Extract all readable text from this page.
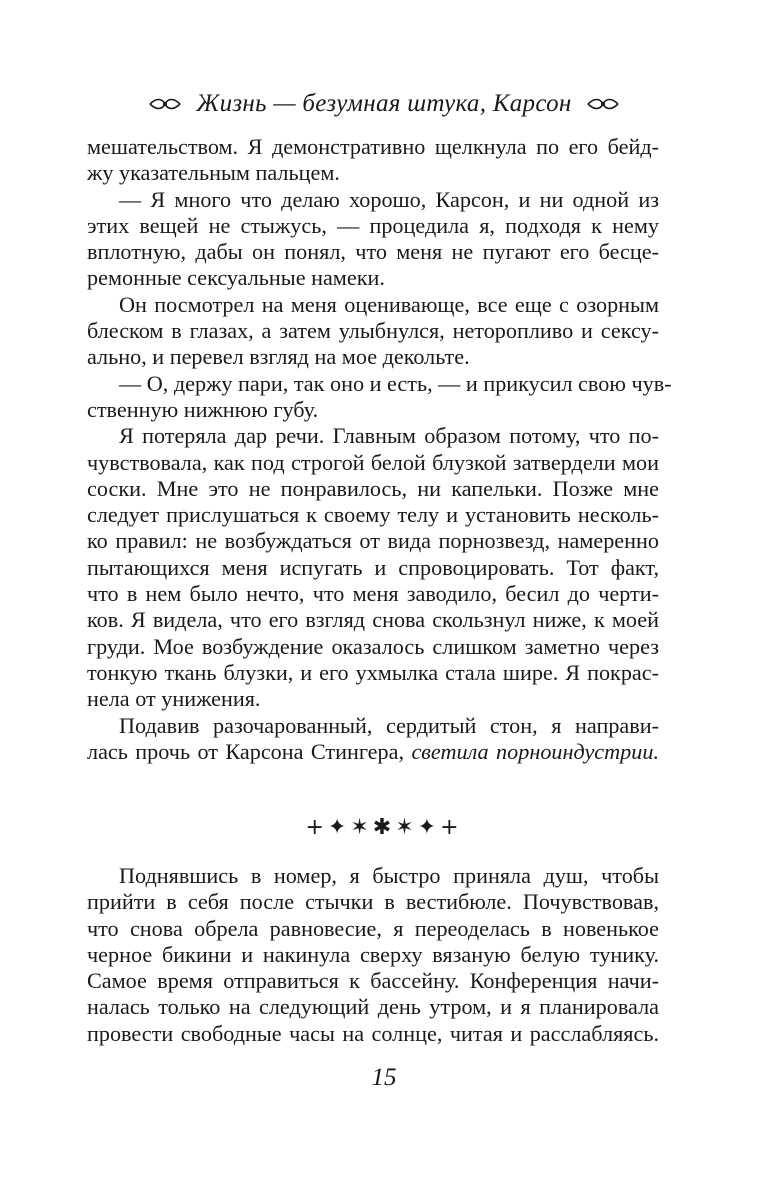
Жизнь — безумная штука, Карсон
мешательством. Я демонстративно щелкнула по его бейд-
жу указательным пальцем.
— Я много что делаю хорошо, Карсон, и ни одной из
этих вещей не стыжусь, — процедила я, подходя к нему
вплотную, дабы он понял, что меня не пугают его бесце-
ремонные сексуальные намеки.
Он посмотрел на меня оценивающе, все еще с озорным
блеском в глазах, а затем улыбнулся, неторопливо и сексу-
ально, и перевел взгляд на мое декольте.
— О, держу пари, так оно и есть, — и прикусил свою чув-
ственную нижнюю губу.
Я потеряла дар речи. Главным образом потому, что по-
чувствовала, как под строгой белой блузкой затвердели мои
соски. Мне это не понравилось, ни капельки. Позже мне
следует прислушаться к своему телу и установить несколь-
ко правил: не возбуждаться от вида порнозвезд, намеренно
пытающихся меня испугать и спровоцировать. Тот факт,
что в нем было нечто, что меня заводило, бесил до черти-
ков. Я видела, что его взгляд снова скользнул ниже, к моей
груди. Мое возбуждение оказалось слишком заметно через
тонкую ткань блузки, и его ухмылка стала шире. Я покрас-
нела от унижения.
Подавив разочарованный, сердитый стон, я направи-
лась прочь от Карсона Стингера, светила порноиндустрии.
+✦✶✱✶✦+
Поднявшись в номер, я быстро приняла душ, чтобы
прийти в себя после стычки в вестибюле. Почувствовав,
что снова обрела равновесие, я переоделась в новенькое
черное бикини и накинула сверху вязаную белую тунику.
Самое время отправиться к бассейну. Конференция начи-
налась только на следующий день утром, и я планировала
провести свободные часы на солнце, читая и расслабляясь.
15
